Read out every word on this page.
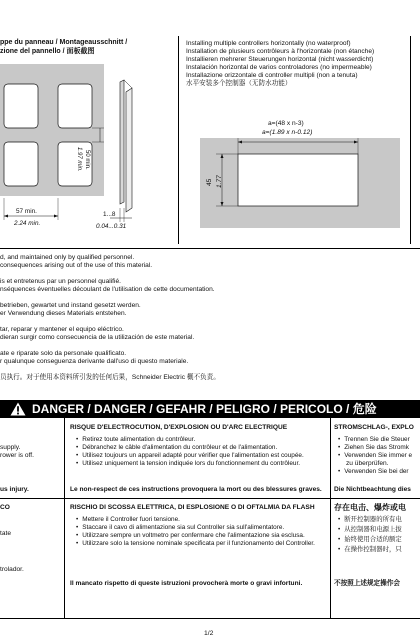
ppe du panneau / Montageausschnitt /
zione del pannello / 面板截图
50 min.
1.97 min.
57 min.
2.24 min.
1...8
0.04...0.31
Installing multiple controllers horizontally (no waterproof)
Installation de plusieurs contrôleurs à l'horizontale (non étanche)
Installieren mehrerer Steuerungen horizontal (nicht wasserdicht)
Instalación horizontal de varios controladores (no impermeable)
Installazione orizzontale di controller multipli (non a tenuta)
水平安装多个控制器（无防水功能）
a=(48 x n-3)
a=(1.89 x n-0.12)
45 1.77
d, and maintained only by qualified personnel.
consequences arising out of the use of this material.
is et entretenus par un personnel qualifié.
nséquences éventuelles découlant de l'utilisation de cette documentation.
betrieben, gewartet und instand gesetzt werden.
er Verwendung dieses Materials entstehen.
tar, reparar y mantener el equipo eléctrico.
dieran surgir como consecuencia de la utilización de este material.
ate e riparate solo da personale qualificato.
r qualunque conseguenza derivante dall'uso di questo materiale.
员执行。对于使用本资料所引发的任何后果，Schneider Electric 概不负责。
DANGER / DANGER / GEFAHR / PELIGRO / PERICOLO / 危险
supply.
rower is off.
us injury.
CO
tate
trolador.
RISQUE D'ELECTROCUTION, D'EXPLOSION OU D'ARC ELECTRIQUE
• Retirez toute alimentation du contrôleur.
• Débranchez le câble d'alimentation du contrôleur et de l'alimentation.
• Utilisez toujours un appareil adapté pour vérifier que l'alimentation est coupée.
• Utilisez uniquement la tension indiquée lors du fonctionnement du contrôleur.
Le non-respect de ces instructions provoquera la mort ou des blessures graves.
RISCHIO DI SCOSSA ELETTRICA, DI ESPLOSIONE O DI OFTALMIA DA FLASH
• Mettere il Controller fuori tensione.
• Staccare il cavo di alimentazione sia sul Controller sia sull'alimentatore.
• Utilizzare sempre un voltmetro per confermare che l'alimentazione sia esclusa.
• Utilizzare solo la tensione nominale specificata per il funzionamento del Controller.
Il mancato rispetto di queste istruzioni provocherà morte o gravi infortuni.
STROMSCHLAG-, EXPLO
• Trennen Sie die Steuer
• Ziehen Sie das Stromk
• Verwenden Sie immer e
zu überprüfen.
• Verwenden Sie bei der
Die Nichtbeachtung dies
存在电击、爆炸或电
• 断开控制器的所有电
• 从控制器和电源上拔
• 始终使用合适的额定
• 在操作控制器时，只
不按照上述规定操作会
1/2
